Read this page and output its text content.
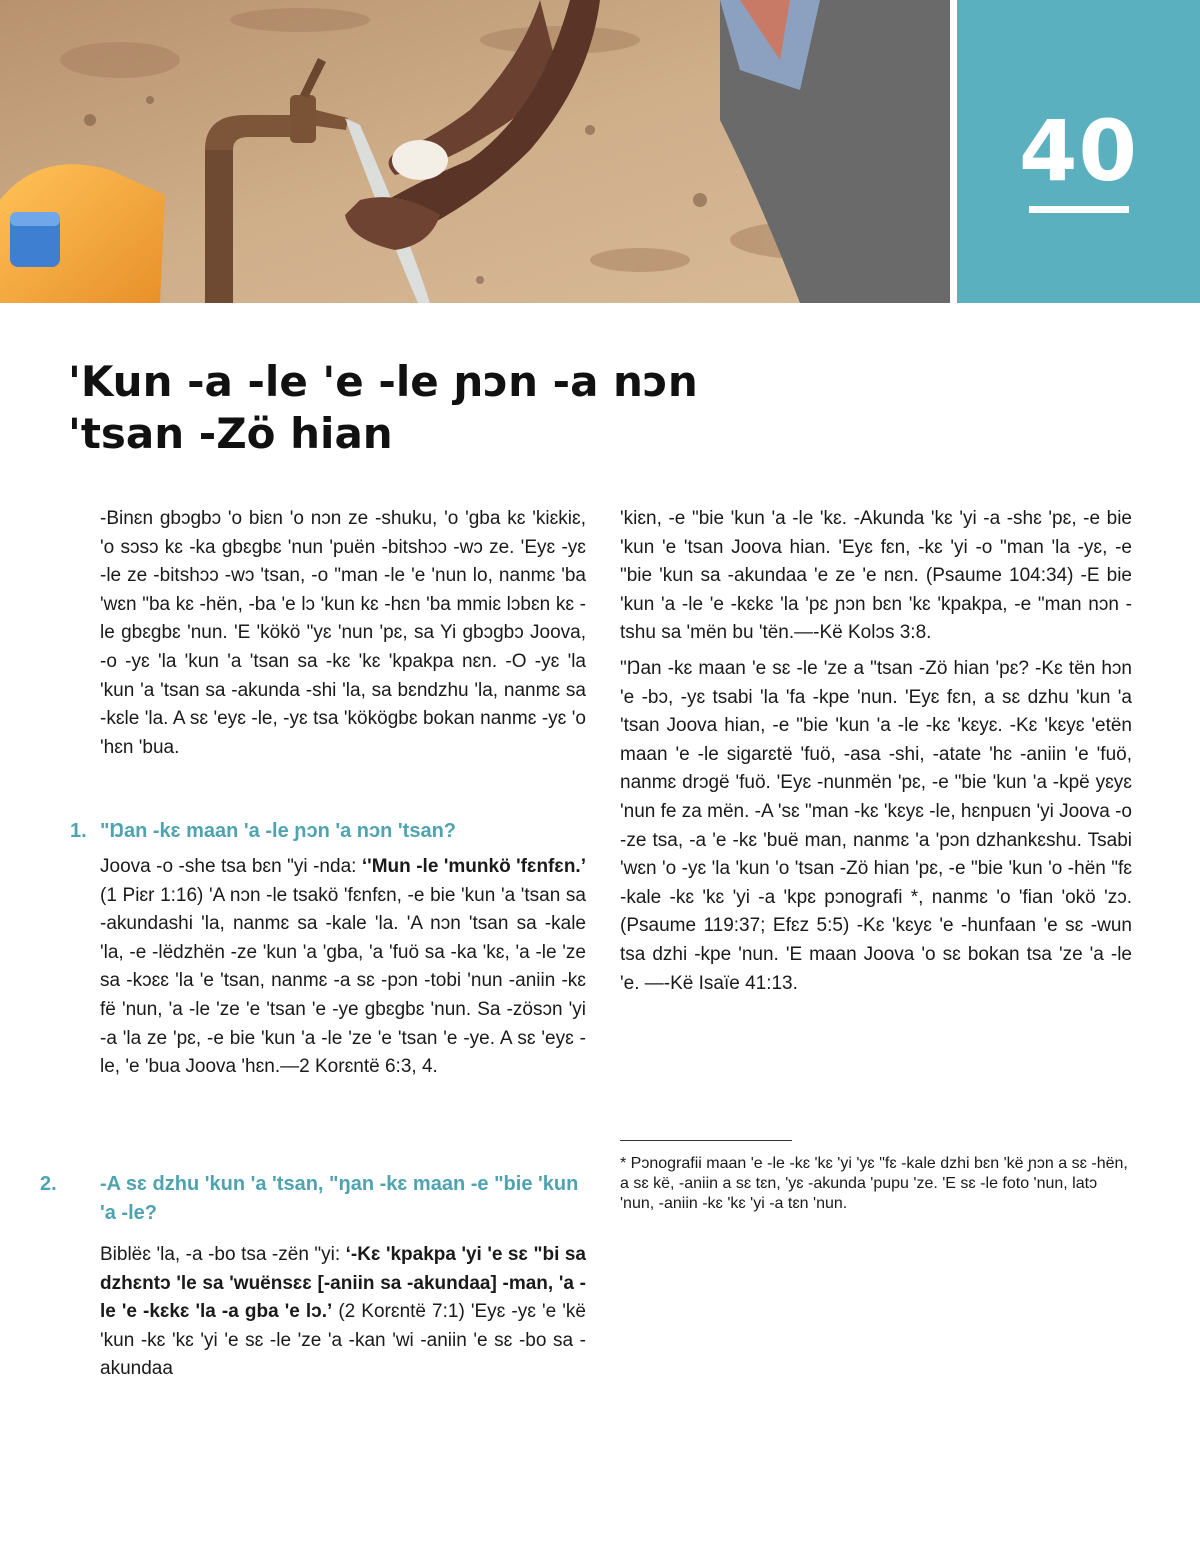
40
'Kun -a -le 'e -le ɲɔn -a nɔn 'tsan -Zö hian

-Binɛn gbɔgbɔ 'o biɛn 'o nɔn ze -shuku, 'o 'gba kɛ 'kiɛkiɛ, 'o sɔsɔ kɛ -ka gbɛgbɛ 'nun 'puën -bitshɔɔ -wɔ ze. 'Eyɛ -yɛ -le ze -bitshɔɔ -wɔ 'tsan, -o "man -le 'e 'nun lo, nanmɛ 'ba 'wɛn "ba kɛ -hën, -ba 'e lɔ 'kun kɛ -hɛn 'ba mmiɛ lɔbɛn kɛ -le gbɛgbɛ 'nun. 'E 'kökö "yɛ 'nun 'pɛ, sa Yi gbɔgbɔ Joova, -o -yɛ 'la 'kun 'a 'tsan sa -kɛ 'kɛ 'kpakpa nɛn. -O -yɛ 'la 'kun 'a 'tsan sa -akunda -shi 'la, sa bɛndzhu 'la, nanmɛ sa -kɛle 'la. A sɛ 'eyɛ -le, -yɛ tsa 'kökögbɛ bokan nanmɛ -yɛ 'o 'hɛn 'bua.

1. "Ŋan -kɛ maan 'a -le ɲɔn 'a nɔn 'tsan?

Joova -o -she tsa bɛn "yi -nda: ‘'Mun -le 'munkö 'fɛnfɛn.’ (1 Piɛr 1:16) 'A nɔn -le tsakö 'fɛnfɛn, -e bie 'kun 'a 'tsan sa -akundashi 'la, nanmɛ sa -kale 'la. 'A nɔn 'tsan sa -kale 'la, -e -lëdzhën -ze 'kun 'a 'gba, 'a 'fuö sa -ka 'kɛ, 'a -le 'ze sa -kɔɛɛ 'la 'e 'tsan, nanmɛ -a sɛ -pɔn -tobi 'nun -aniin -kɛ fë 'nun, 'a -le 'ze 'e 'tsan 'e -ye gbɛgbɛ 'nun. Sa -zösɔn 'yi -a 'la ze 'pɛ, -e bie 'kun 'a -le 'ze 'e 'tsan 'e -ye. A sɛ 'eyɛ -le, 'e 'bua Joova 'hɛn.—2 Korɛntë 6:3, 4.

2. -A sɛ dzhu 'kun 'a 'tsan, "ŋan -kɛ maan -e "bie 'kun 'a -le?

Biblëɛ 'la, -a -bo tsa -zën "yi: ‘-Kɛ 'kpakpa 'yi 'e sɛ "bi sa dzhɛntɔ 'le sa 'wuënsɛɛ [-aniin sa -akundaa] -man, 'a -le 'e -kɛkɛ 'la -a gba 'e lɔ.’ (2 Korɛntë 7:1) 'Eyɛ -yɛ 'e 'kë 'kun -kɛ 'kɛ 'yi 'e sɛ -le 'ze 'a -kan 'wi -aniin 'e sɛ -bo sa -akundaa

'kiɛn, -e "bie 'kun 'a -le 'kɛ. -Akunda 'kɛ 'yi -a -shɛ 'pɛ, -e bie 'kun 'e 'tsan Joova hian. 'Eyɛ fɛn, -kɛ 'yi -o "man 'la -yɛ, -e "bie 'kun sa -akundaa 'e ze 'e nɛn. (Psaume 104:34) -E bie 'kun 'a -le 'e -kɛkɛ 'la 'pɛ ɲɔn bɛn 'kɛ 'kpakpa, -e "man nɔn -tshu sa 'mën bu 'tën.—-Kë Kolɔs 3:8.

"Ŋan -kɛ maan 'e sɛ -le 'ze a "tsan -Zö hian 'pɛ? -Kɛ tën hɔn 'e -bɔ, -yɛ tsabi 'la 'fa -kpe 'nun. 'Eyɛ fɛn, a sɛ dzhu 'kun 'a 'tsan Joova hian, -e "bie 'kun 'a -le -kɛ 'kɛyɛ. -Kɛ 'kɛyɛ 'etën maan 'e -le sigarɛtë 'fuö, -asa -shi, -atate 'hɛ -aniin 'e 'fuö, nanmɛ drɔgë 'fuö. 'Eyɛ -nunmën 'pɛ, -e "bie 'kun 'a -kpë yɛyɛ 'nun fe za mën. -A 'sɛ "man -kɛ 'kɛyɛ -le, hɛnpuɛn 'yi Joova -o -ze tsa, -a 'e -kɛ 'buë man, nanmɛ 'a 'pɔn dzhankɛshu. Tsabi 'wɛn 'o -yɛ 'la 'kun 'o 'tsan -Zö hian 'pɛ, -e "bie 'kun 'o -hën "fɛ -kale -kɛ 'kɛ 'yi -a 'kpɛ pɔnografi *, nanmɛ 'o 'fian 'okö 'zɔ. (Psaume 119:37; Efɛz 5:5) -Kɛ 'kɛyɛ 'e -hunfaan 'e sɛ -wun tsa dzhi -kpe 'nun. 'E maan Joova 'o sɛ bokan tsa 'ze 'a -le 'e. —-Kë Isaïe 41:13.

* Pɔnografii maan 'e -le -kɛ 'kɛ 'yi 'yɛ "fɛ -kale dzhi bɛn 'kë ɲɔn a sɛ -hën, a sɛ kë, -aniin a sɛ tɛn, 'yɛ -akunda 'pupu 'ze. 'E sɛ -le foto 'nun, latɔ 'nun, -aniin -kɛ 'kɛ 'yi -a tɛn 'nun.
